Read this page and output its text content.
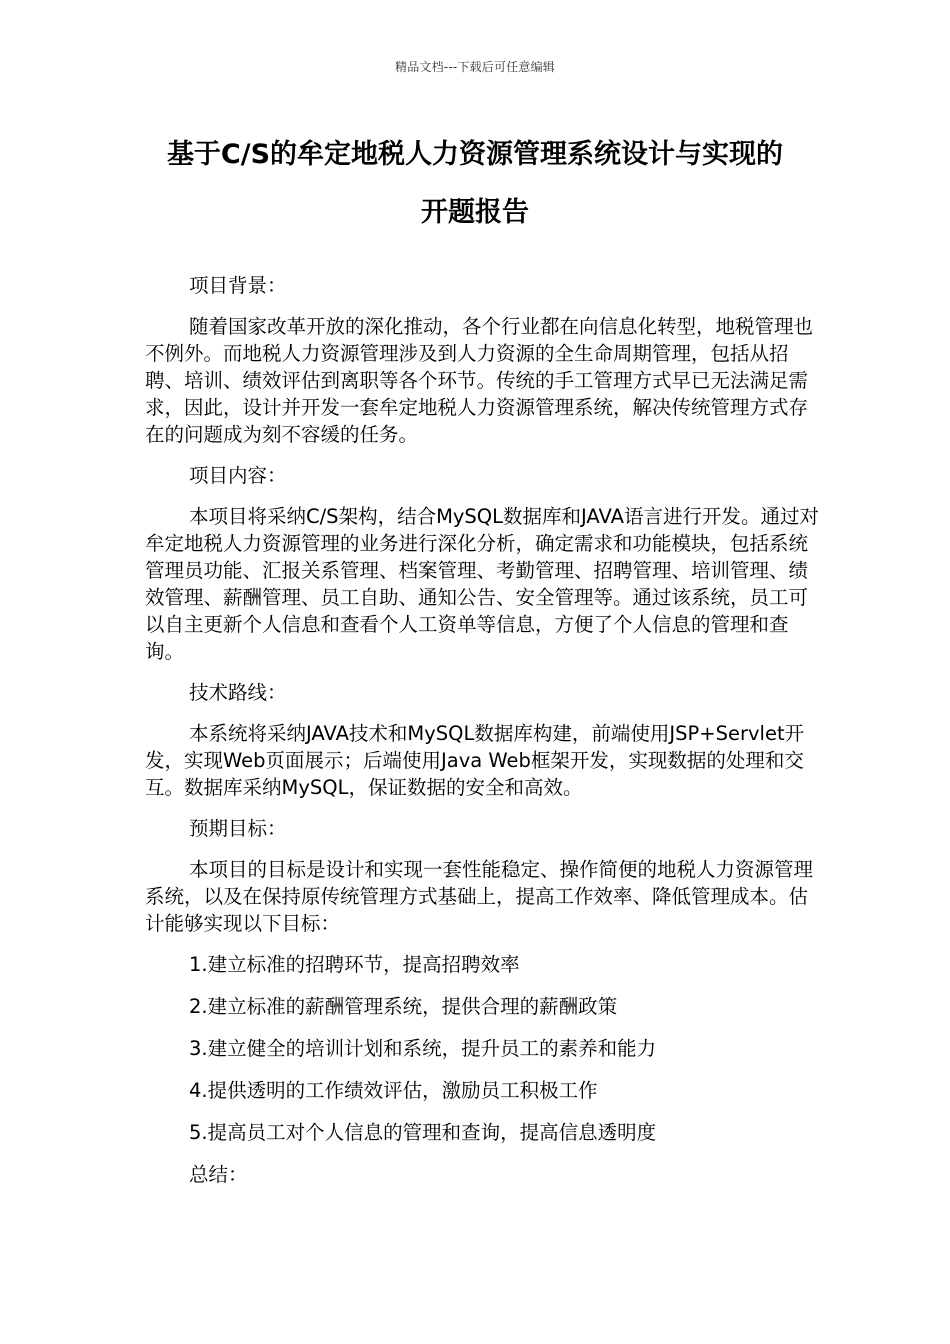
精品文档---下载后可任意编辑
基于C/S的牟定地税人力资源管理系统设计与实现的
开题报告

项目背景：

随着国家改革开放的深化推动，各个行业都在向信息化转型，地税管理也不例外。而地税人力资源管理涉及到人力资源的全生命周期管理，包括从招聘、培训、绩效评估到离职等各个环节。传统的手工管理方式早已无法满足需求，因此，设计并开发一套牟定地税人力资源管理系统，解决传统管理方式存在的问题成为刻不容缓的任务。

项目内容：

本项目将采纳C/S架构，结合MySQL数据库和JAVA语言进行开发。通过对牟定地税人力资源管理的业务进行深化分析，确定需求和功能模块，包括系统管理员功能、汇报关系管理、档案管理、考勤管理、招聘管理、培训管理、绩效管理、薪酬管理、员工自助、通知公告、安全管理等。通过该系统，员工可以自主更新个人信息和查看个人工资单等信息，方便了个人信息的管理和查询。

技术路线：

本系统将采纳JAVA技术和MySQL数据库构建，前端使用JSP+Servlet开发，实现Web页面展示；后端使用Java Web框架开发，实现数据的处理和交互。数据库采纳MySQL，保证数据的安全和高效。

预期目标：

本项目的目标是设计和实现一套性能稳定、操作简便的地税人力资源管理系统，以及在保持原传统管理方式基础上，提高工作效率、降低管理成本。估计能够实现以下目标：

1.建立标准的招聘环节，提高招聘效率
2.建立标准的薪酬管理系统，提供合理的薪酬政策
3.建立健全的培训计划和系统，提升员工的素养和能力
4.提供透明的工作绩效评估，激励员工积极工作
5.提高员工对个人信息的管理和查询，提高信息透明度

总结：
